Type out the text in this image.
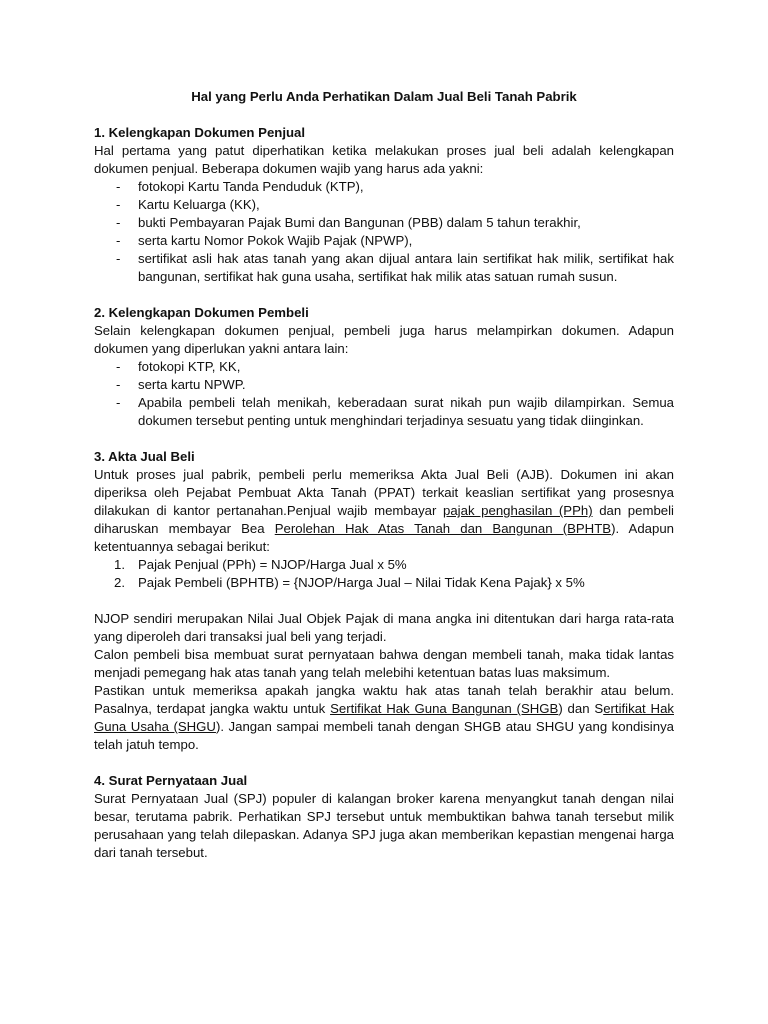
Hal yang Perlu Anda Perhatikan Dalam Jual Beli Tanah Pabrik

1. Kelengkapan Dokumen Penjual

Hal pertama yang patut diperhatikan ketika melakukan proses jual beli adalah kelengkapan dokumen penjual. Beberapa dokumen wajib yang harus ada yakni:

- fotokopi Kartu Tanda Penduduk (KTP),
- Kartu Keluarga (KK),
- bukti Pembayaran Pajak Bumi dan Bangunan (PBB) dalam 5 tahun terakhir,
- serta kartu Nomor Pokok Wajib Pajak (NPWP),
- sertifikat asli hak atas tanah yang akan dijual antara lain sertifikat hak milik, sertifikat hak bangunan, sertifikat hak guna usaha, sertifikat hak milik atas satuan rumah susun.

2. Kelengkapan Dokumen Pembeli

Selain kelengkapan dokumen penjual, pembeli juga harus melampirkan dokumen. Adapun dokumen yang diperlukan yakni antara lain:

- fotokopi KTP, KK,
- serta kartu NPWP.
- Apabila pembeli telah menikah, keberadaan surat nikah pun wajib dilampirkan. Semua dokumen tersebut penting untuk menghindari terjadinya sesuatu yang tidak diinginkan.

3. Akta Jual Beli

Untuk proses jual pabrik, pembeli perlu memeriksa Akta Jual Beli (AJB). Dokumen ini akan diperiksa oleh Pejabat Pembuat Akta Tanah (PPAT) terkait keaslian sertifikat yang prosesnya dilakukan di kantor pertanahan.Penjual wajib membayar pajak penghasilan (PPh) dan pembeli diharuskan membayar Bea Perolehan Hak Atas Tanah dan Bangunan (BPHTB). Adapun ketentuannya sebagai berikut:

1. Pajak Penjual (PPh) = NJOP/Harga Jual x 5%
2. Pajak Pembeli (BPHTB) = {NJOP/Harga Jual – Nilai Tidak Kena Pajak} x 5%

NJOP sendiri merupakan Nilai Jual Objek Pajak di mana angka ini ditentukan dari harga rata-rata yang diperoleh dari transaksi jual beli yang terjadi.

Calon pembeli bisa membuat surat pernyataan bahwa dengan membeli tanah, maka tidak lantas menjadi pemegang hak atas tanah yang telah melebihi ketentuan batas luas maksimum.

Pastikan untuk memeriksa apakah jangka waktu hak atas tanah telah berakhir atau belum. Pasalnya, terdapat jangka waktu untuk Sertifikat Hak Guna Bangunan (SHGB) dan Sertifikat Hak Guna Usaha (SHGU). Jangan sampai membeli tanah dengan SHGB atau SHGU yang kondisinya telah jatuh tempo.

4. Surat Pernyataan Jual

Surat Pernyataan Jual (SPJ) populer di kalangan broker karena menyangkut tanah dengan nilai besar, terutama pabrik. Perhatikan SPJ tersebut untuk membuktikan bahwa tanah tersebut milik perusahaan yang telah dilepaskan. Adanya SPJ juga akan memberikan kepastian mengenai harga dari tanah tersebut.
